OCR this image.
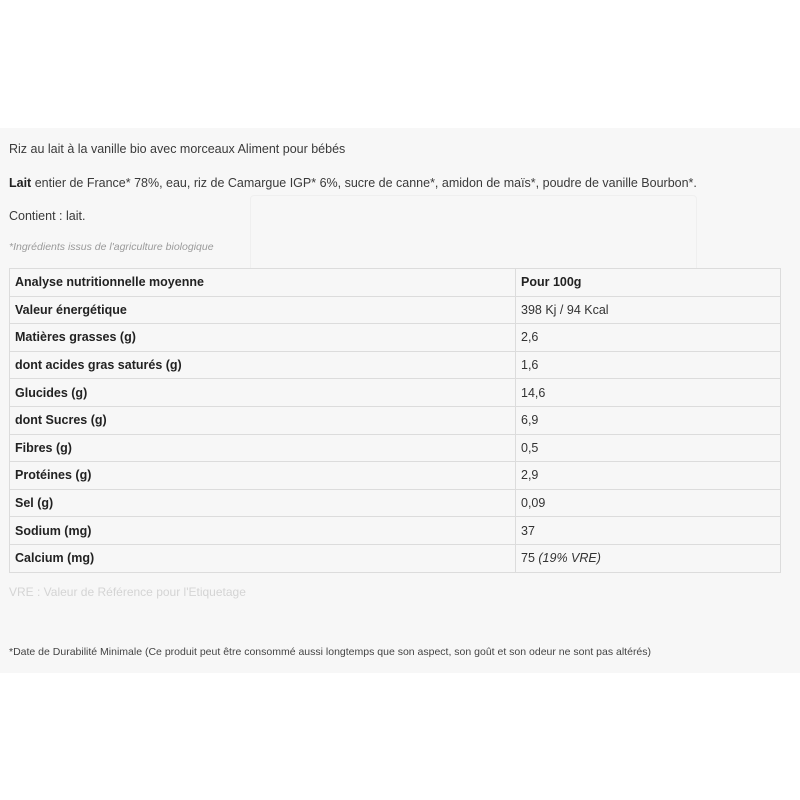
Riz au lait à la vanille bio avec morceaux Aliment pour bébés
Lait entier de France* 78%, eau, riz de Camargue IGP* 6%, sucre de canne*, amidon de maïs*, poudre de vanille Bourbon*.
Contient : lait.
*Ingrédients issus de l'agriculture biologique
Analyse nutritionnelle moyenne	Pour 100g
Valeur énergétique	398 Kj / 94 Kcal
Matières grasses (g)	2,6
dont acides gras saturés (g)	1,6
Glucides (g)	14,6
dont Sucres (g)	6,9
Fibres (g)	0,5
Protéines (g)	2,9
Sel (g)	0,09
Sodium (mg)	37
Calcium (mg)	75 (19% VRE)
VRE : Valeur de Référence pour l'Etiquetage
*Date de Durabilité Minimale (Ce produit peut être consommé aussi longtemps que son aspect, son goût et son odeur ne sont pas altérés)
